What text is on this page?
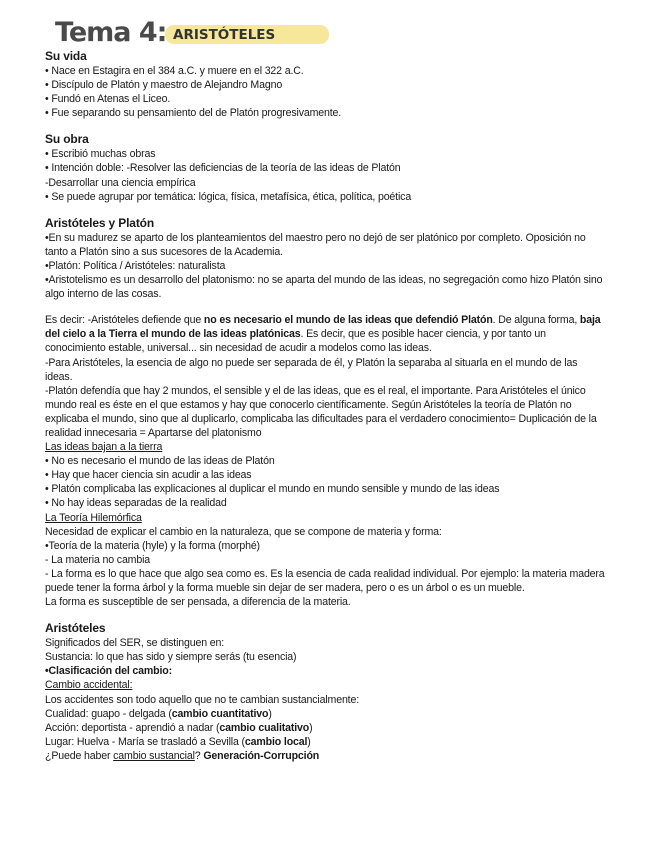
Tema 4: ARISTÓTELES

Su vida

• Nace en Estagira en el 384 a.C. y muere en el 322 a.C.

• Discípulo de Platón y maestro de Alejandro Magno

• Fundó en Atenas el Liceo.

• Fue separando su pensamiento del de Platón progresivamente.

Su obra

• Escribió muchas obras

• Intención doble: -Resolver las deficiencias de la teoría de las ideas de Platón

-Desarrollar una ciencia empírica

• Se puede agrupar por temática: lógica, física, metafísica, ética, política, poética

Aristóteles y Platón

•En su madurez se aparto de los planteamientos del maestro pero no dejó de ser platónico por completo. Oposición no tanto a Platón sino a sus sucesores de la Academia.

•Platón: Política / Aristóteles: naturalista

•Aristotelismo es un desarrollo del platonismo: no se aparta del mundo de las ideas, no segregación como hizo Platón sino algo interno de las cosas.

Es decir: -Aristóteles defiende que no es necesario el mundo de las ideas que defendió Platón. De alguna forma, baja del cielo a la Tierra el mundo de las ideas platónicas. Es decir, que es posible hacer ciencia, y por tanto un conocimiento estable, universal... sin necesidad de acudir a modelos como las ideas.

-Para Aristóteles, la esencia de algo no puede ser separada de él, y Platón la separaba al situarla en el mundo de las ideas.

-Platón defendía que hay 2 mundos, el sensible y el de las ideas, que es el real, el importante. Para Aristóteles el único mundo real es éste en el que estamos y hay que conocerlo científicamente. Según Aristóteles la teoría de Platón no explicaba el mundo, sino que al duplicarlo, complicaba las dificultades para el verdadero conocimiento= Duplicación de la realidad innecesaria = Apartarse del platonismo

Las ideas bajan a la tierra

• No es necesario el mundo de las ideas de Platón

• Hay que hacer ciencia sin acudir a las ideas

• Platón complicaba las explicaciones al duplicar el mundo en mundo sensible y mundo de las ideas

• No hay ideas separadas de la realidad

La Teoría Hilemórfica

Necesidad de explicar el cambio en la naturaleza, que se compone de materia y forma:

•Teoría de la materia (hyle) y la forma (morphé)

- La materia no cambia

- La forma es lo que hace que algo sea como es. Es la esencia de cada realidad individual. Por ejemplo: la materia madera puede tener la forma árbol y la forma mueble sin dejar de ser madera, pero o es un árbol o es un mueble.

La forma es susceptible de ser pensada, a diferencia de la materia.

Aristóteles

Significados del SER, se distinguen en:

Sustancia: lo que has sido y siempre serás (tu esencia)

•Clasificación del cambio:

Cambio accidental:

Los accidentes son todo aquello que no te cambian sustancialmente:

Cualidad: guapo - delgada (cambio cuantitativo)

Acción: deportista - aprendió a nadar (cambio cualitativo)

Lugar: Huelva - María se trasladó a Sevilla (cambio local)

¿Puede haber cambio sustancial? Generación-Corrupción
